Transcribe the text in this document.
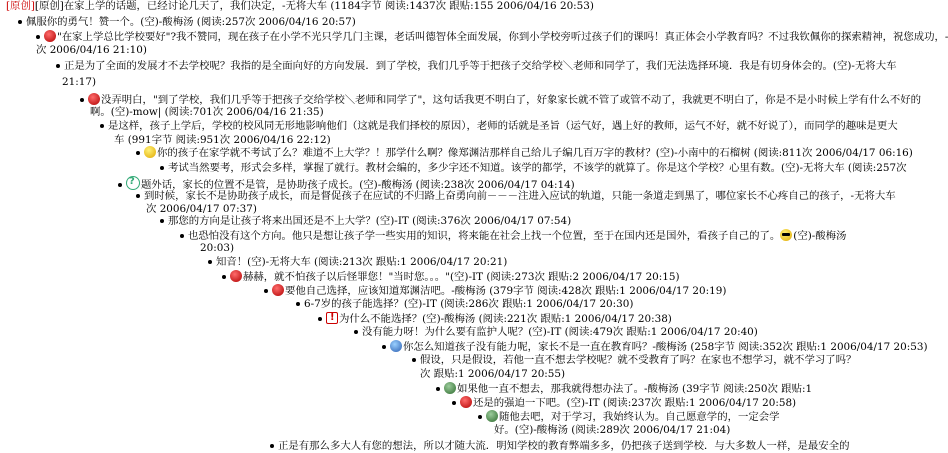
[原创][原创]在家上学的话题，已经讨论几天了，我们决定，-无将大车 (1184字节 阅读:1437次 跟贴:155 2006/04/16 20:53)
佩服你的勇气！赞一个。(空)-酸梅汤 (阅读:257次 2006/04/16 20:57)
"在家上学总比学校要好"?我不赞同，现在孩子在小学不光只学几门主课，老话叫德智体全面发展，你到小学校旁听过孩子们的课吗！真正体会小学教育吗？不过我钦佩你的探索精神，祝您成功，-
次 2006/04/16 21:10)
正是为了全面的发展才不去学校呢？我指的是全面向好的方向发展．到了学校，我们几乎等于把孩子交给学校＼老师和同学了，我们无法选择环境．我是有切身体会的。(空)-无将大车
21:17)
没弄明白，"到了学校，我们几乎等于把孩子交给学校＼老师和同学了"，这句话我更不明白了，好象家长就不管了或管不动了，我就更不明白了，你是不是小时候上学有什么不好的
啊。(空)-mow| (阅读:701次 2006/04/16 21:35)
是这样，孩子上学后，学校的校风同无形地影响他们（这就是我们择校的原因），老师的话就是圣旨（运气好，遇上好的教师，运气不好，就不好说了），而同学的趣味是更大
车 (991字节 阅读:951次 2006/04/16 22:12)
你的孩子在家学就不考试了么？难道不上大学？！那学什么啊？像郑渊洁那样自己给儿子编几百万字的教材？(空)-小南中的石榴树 (阅读:811次 2006/04/17 06:16)
考试当然要考，形式会多样，掌握了就行。教材会编的，多少字还不知道。该学的都学，不该学的就算了。你是这个学校？心里有数。(空)-无将大车 (阅读:257次
?题外话，家长的位置不是管，是协助孩子成长。(空)-酸梅汤 (阅读:238次 2006/04/17 04:14)
到时候，家长不是协助孩子成长，而是督促孩子在应试的不归路上奋勇向前－－－注进入应试的轨道，只能一条道走到黑了，哪位家长不心疼自己的孩子，-无将大车
次 2006/04/17 07:37)
那您的方向是让孩子将来出国还是不上大学？(空)-IT (阅读:376次 2006/04/17 07:54)
也恐怕没有这个方向。他只是想让孩子学一些实用的知识，将来能在社会上找一个位置，至于在国内还是国外，看孩子自己的了。 (空)-酸梅汤
20:03)
知音！(空)-无将大车 (阅读:213次 跟贴:1 2006/04/17 20:21)
赫赫，就不怕孩子以后怪罪您！"当时您。。。"(空)-IT (阅读:273次 跟贴:2 2006/04/17 20:15)
要他自己选择，应该知道郑渊洁吧。-酸梅汤 (379字节 阅读:428次 跟贴:1 2006/04/17 20:19)
6-7岁的孩子能选择？(空)-IT (阅读:286次 跟贴:1 2006/04/17 20:30)
!为什么不能选择？(空)-酸梅汤 (阅读:221次 跟贴:1 2006/04/17 20:38)
没有能力呀！为什么要有监护人呢？(空)-IT (阅读:479次 跟贴:1 2006/04/17 20:40)
你怎么知道孩子没有能力呢，家长不是一直在教育吗？-酸梅汤 (258字节 阅读:352次 跟贴:1 2006/04/17 20:53)
假设，只是假设，若他一直不想去学校呢？就不受教育了吗？在家也不想学习，就不学习了吗？
次 跟贴:1 2006/04/17 20:55)
如果他一直不想去，那我就得想办法了。-酸梅汤 (39字节 阅读:250次 跟贴:1
还是的强迫一下吧。(空)-IT (阅读:237次 跟贴:1 2006/04/17 20:58)
随他去吧，对于学习，我始终认为。自己愿意学的，一定会学
好。(空)-酸梅汤 (阅读:289次 2006/04/17 21:04)
正是有那么多大人有您的想法，所以才随大流．明知学校的教育弊端多多，仍把孩子送到学校．与大多数人一样，是最安全的
